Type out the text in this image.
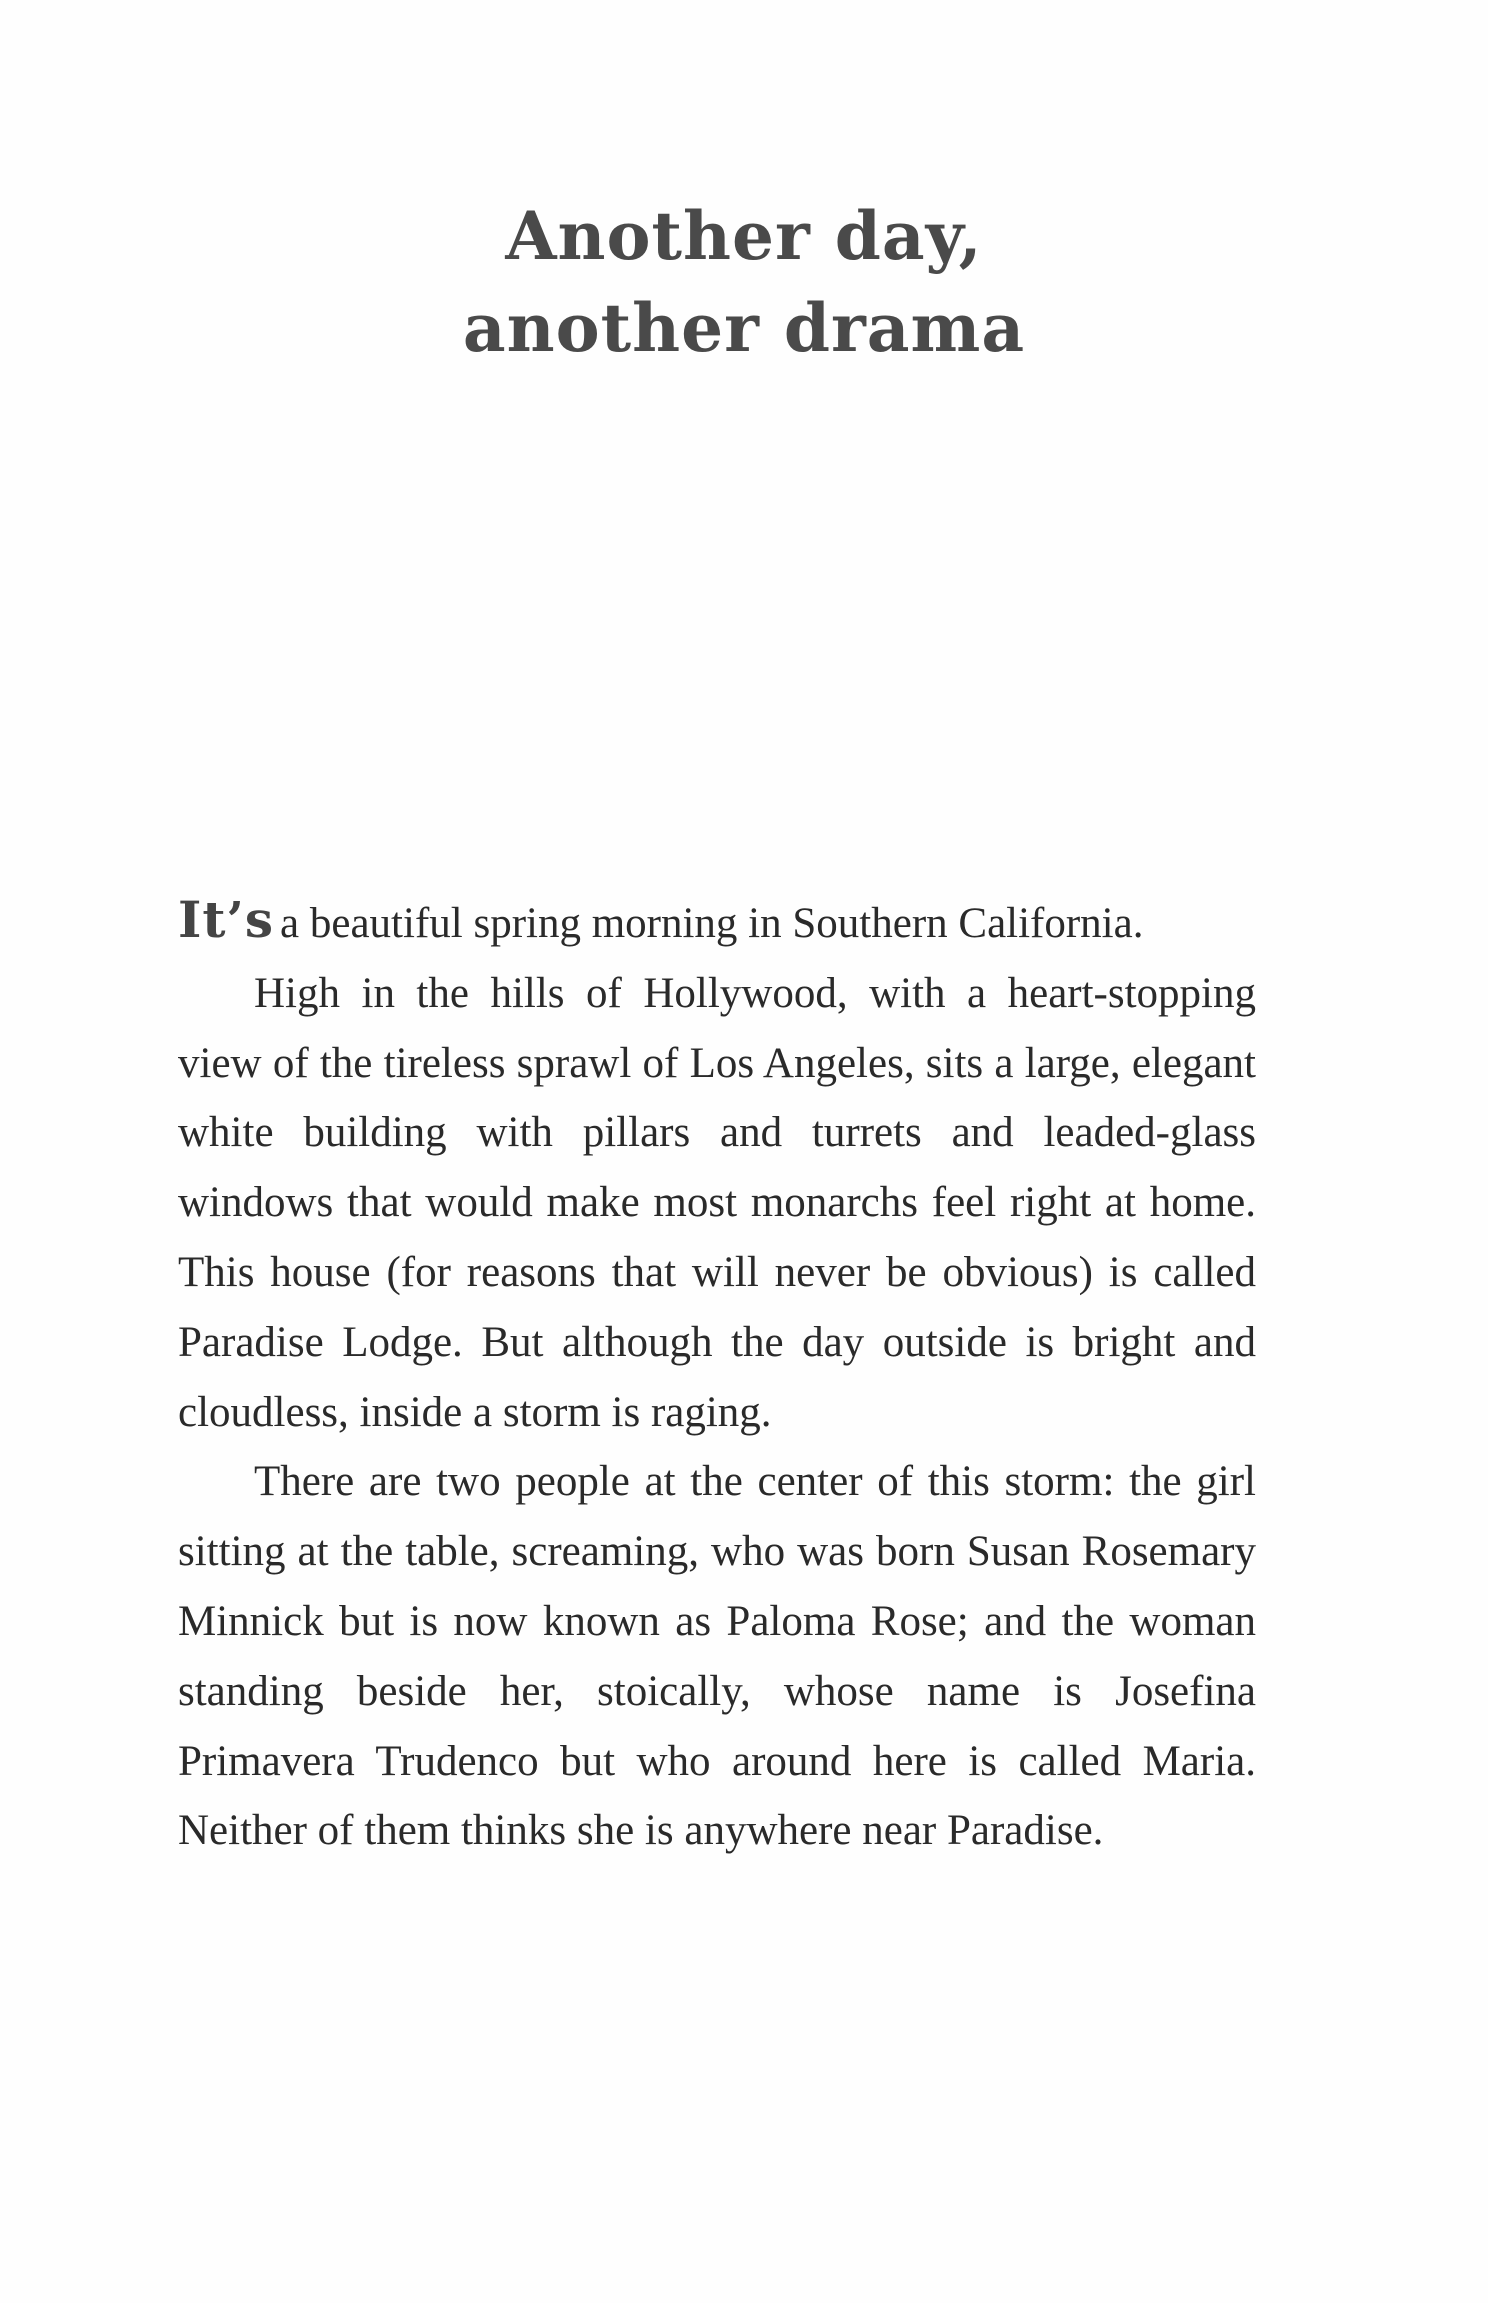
Another day,
another drama

It’s a beautiful spring morning in Southern California.

High in the hills of Hollywood, with a heart-stopping view of the tireless sprawl of Los Angeles, sits a large, elegant white building with pillars and turrets and leaded-glass windows that would make most monarchs feel right at home. This house (for reasons that will never be obvious) is called Paradise Lodge. But although the day outside is bright and cloudless, inside a storm is raging.

There are two people at the center of this storm: the girl sitting at the table, screaming, who was born Susan Rosemary Minnick but is now known as Paloma Rose; and the woman standing beside her, stoically, whose name is Josefina Primavera Trudenco but who around here is called Maria. Neither of them thinks she is anywhere near Paradise.
